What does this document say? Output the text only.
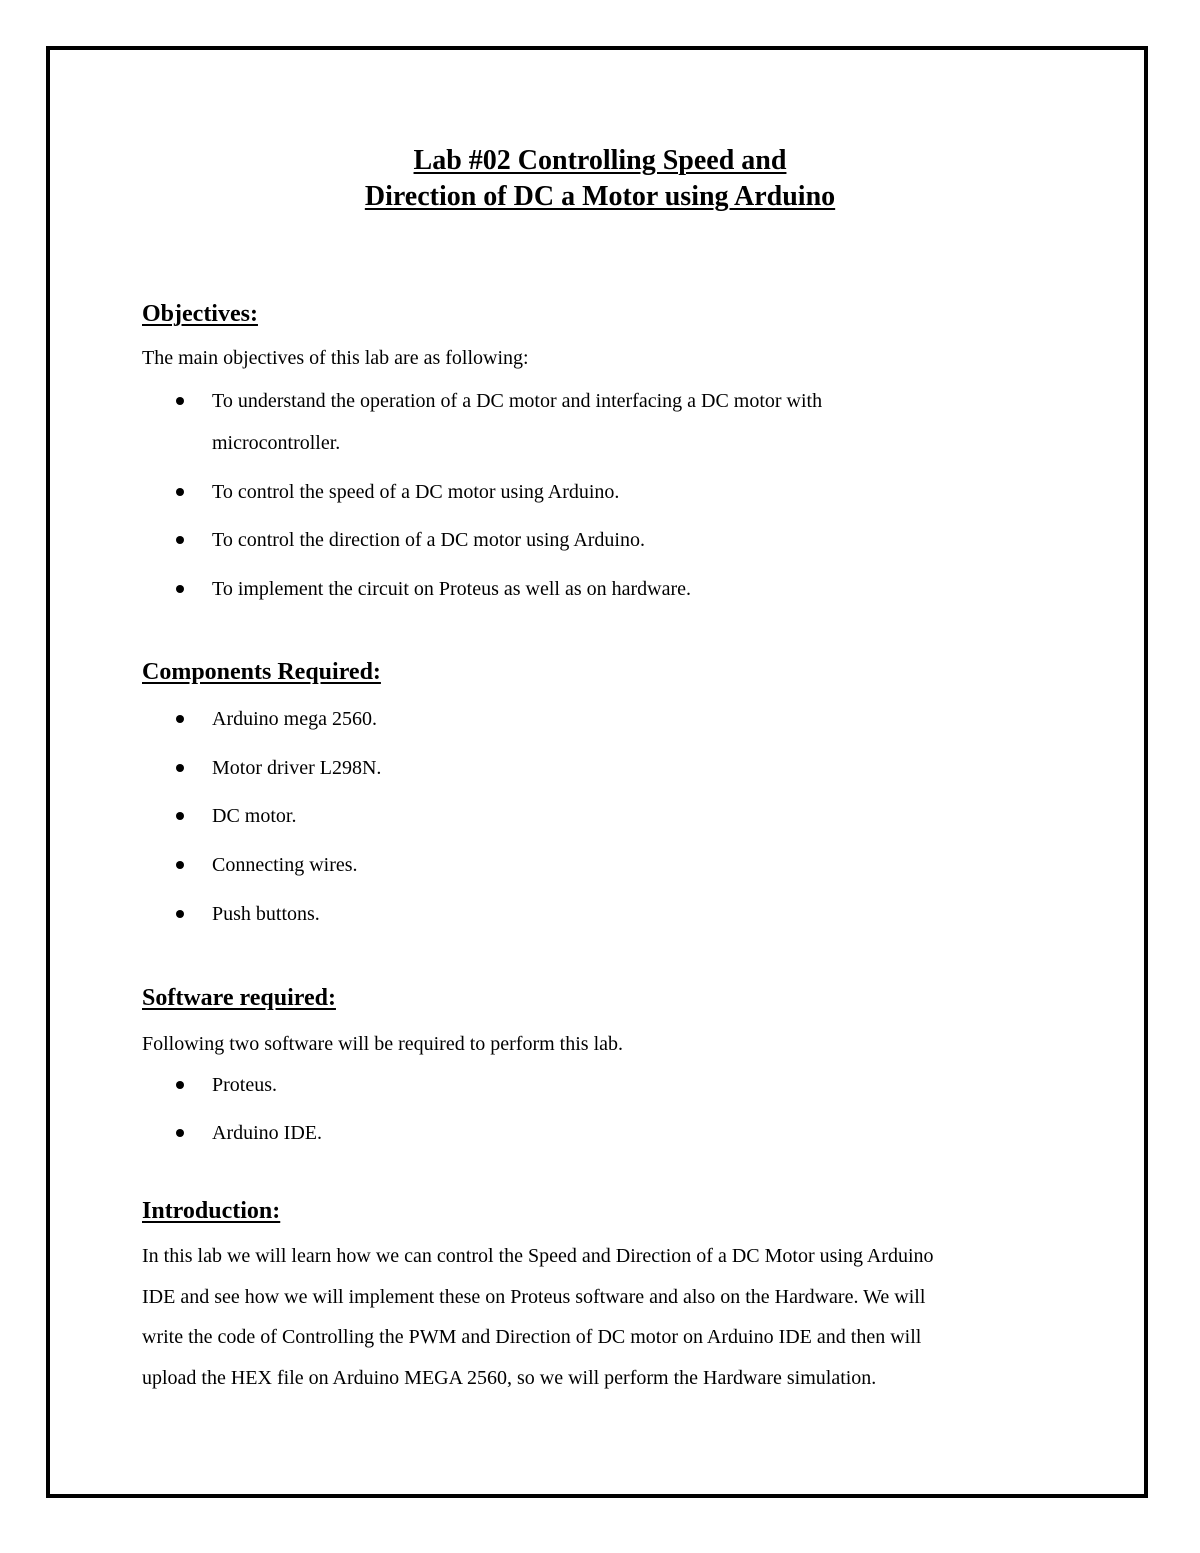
Lab #02 Controlling Speed and
Direction of DC a Motor using Arduino
Objectives:
The main objectives of this lab are as following:
To understand the operation of a DC motor and interfacing a DC motor with
microcontroller.
To control the speed of a DC motor using Arduino.
To control the direction of a DC motor using Arduino.
To implement the circuit on Proteus as well as on hardware.
Components Required:
Arduino mega 2560.
Motor driver L298N.
DC motor.
Connecting wires.
Push buttons.
Software required:
Following two software will be required to perform this lab.
Proteus.
Arduino IDE.
Introduction:
In this lab we will learn how we can control the Speed and Direction of a DC Motor using Arduino
IDE and see how we will implement these on Proteus software and also on the Hardware. We will
write the code of Controlling the PWM and Direction of DC motor on Arduino IDE and then will
upload the HEX file on Arduino MEGA 2560, so we will perform the Hardware simulation.
